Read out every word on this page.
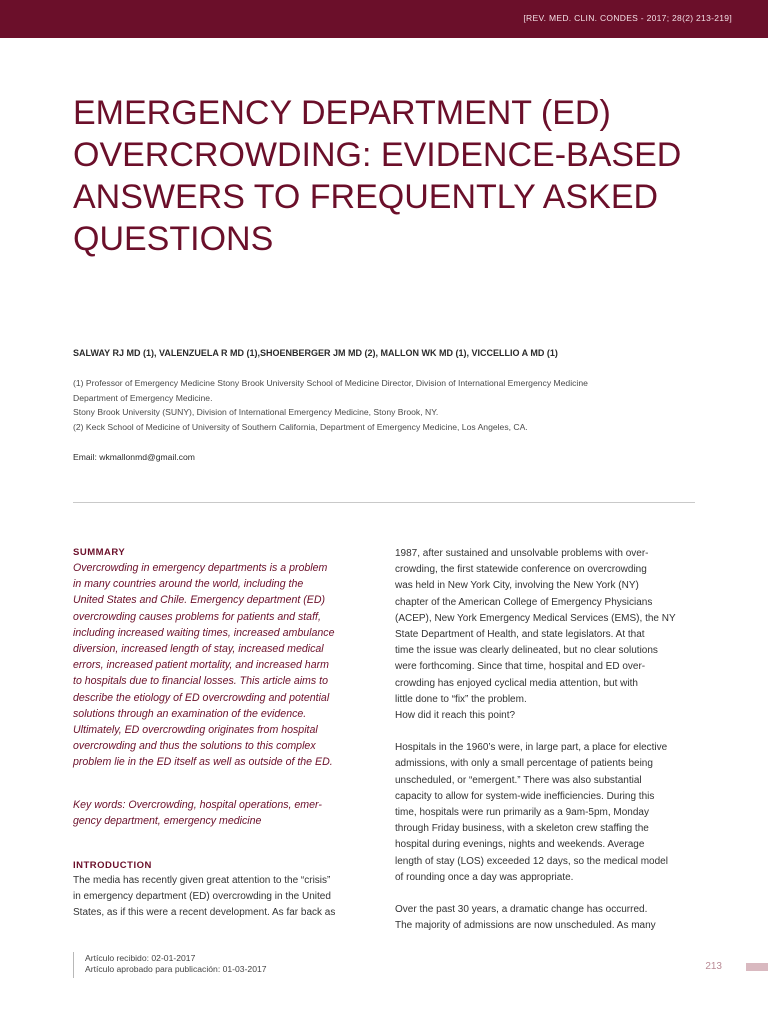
[REV. MED. CLIN. CONDES - 2017; 28(2) 213-219]
EMERGENCY DEPARTMENT (ED)
OVERCROWDING: EVIDENCE-BASED
ANSWERS TO FREQUENTLY ASKED
QUESTIONS
SALWAY RJ MD (1), VALENZUELA R MD (1),SHOENBERGER JM MD (2), MALLON WK MD (1), VICCELLIO A MD (1)
(1) Professor of Emergency Medicine Stony Brook University School of Medicine Director, Division of International Emergency Medicine
Department of Emergency Medicine.
Stony Brook University (SUNY), Division of International Emergency Medicine, Stony Brook, NY.
(2) Keck School of Medicine of University of Southern California, Department of Emergency Medicine, Los Angeles, CA.
Email: wkmallonmd@gmail.com
SUMMARY

Overcrowding in emergency departments is a problem
in many countries around the world, including the
United States and Chile. Emergency department (ED)
overcrowding causes problems for patients and staff,
including increased waiting times, increased ambulance
diversion, increased length of stay, increased medical
errors, increased patient mortality, and increased harm
to hospitals due to financial losses. This article aims to
describe the etiology of ED overcrowding and potential
solutions through an examination of the evidence.
Ultimately, ED overcrowding originates from hospital
overcrowding and thus the solutions to this complex
problem lie in the ED itself as well as outside of the ED.

Key words: Overcrowding, hospital operations, emer-
gency department, emergency medicine
INTRODUCTION

The media has recently given great attention to the “crisis”
in emergency department (ED) overcrowding in the United
States, as if this were a recent development. As far back as

1987, after sustained and unsolvable problems with over-
crowding, the first statewide conference on overcrowding
was held in New York City, involving the New York (NY)
chapter of the American College of Emergency Physicians
(ACEP), New York Emergency Medical Services (EMS), the NY
State Department of Health, and state legislators. At that
time the issue was clearly delineated, but no clear solutions
were forthcoming. Since that time, hospital and ED over-
crowding has enjoyed cyclical media attention, but with
little done to “fix” the problem.
How did it reach this point?

Hospitals in the 1960’s were, in large part, a place for elective
admissions, with only a small percentage of patients being
unscheduled, or “emergent.” There was also substantial
capacity to allow for system-wide inefficiencies. During this
time, hospitals were run primarily as a 9am-5pm, Monday
through Friday business, with a skeleton crew staffing the
hospital during evenings, nights and weekends. Average
length of stay (LOS) exceeded 12 days, so the medical model
of rounding once a day was appropriate.

Over the past 30 years, a dramatic change has occurred.
The majority of admissions are now unscheduled. As many

Artículo recibido: 02-01-2017
Artículo aprobado para publicación: 01-03-2017	213
